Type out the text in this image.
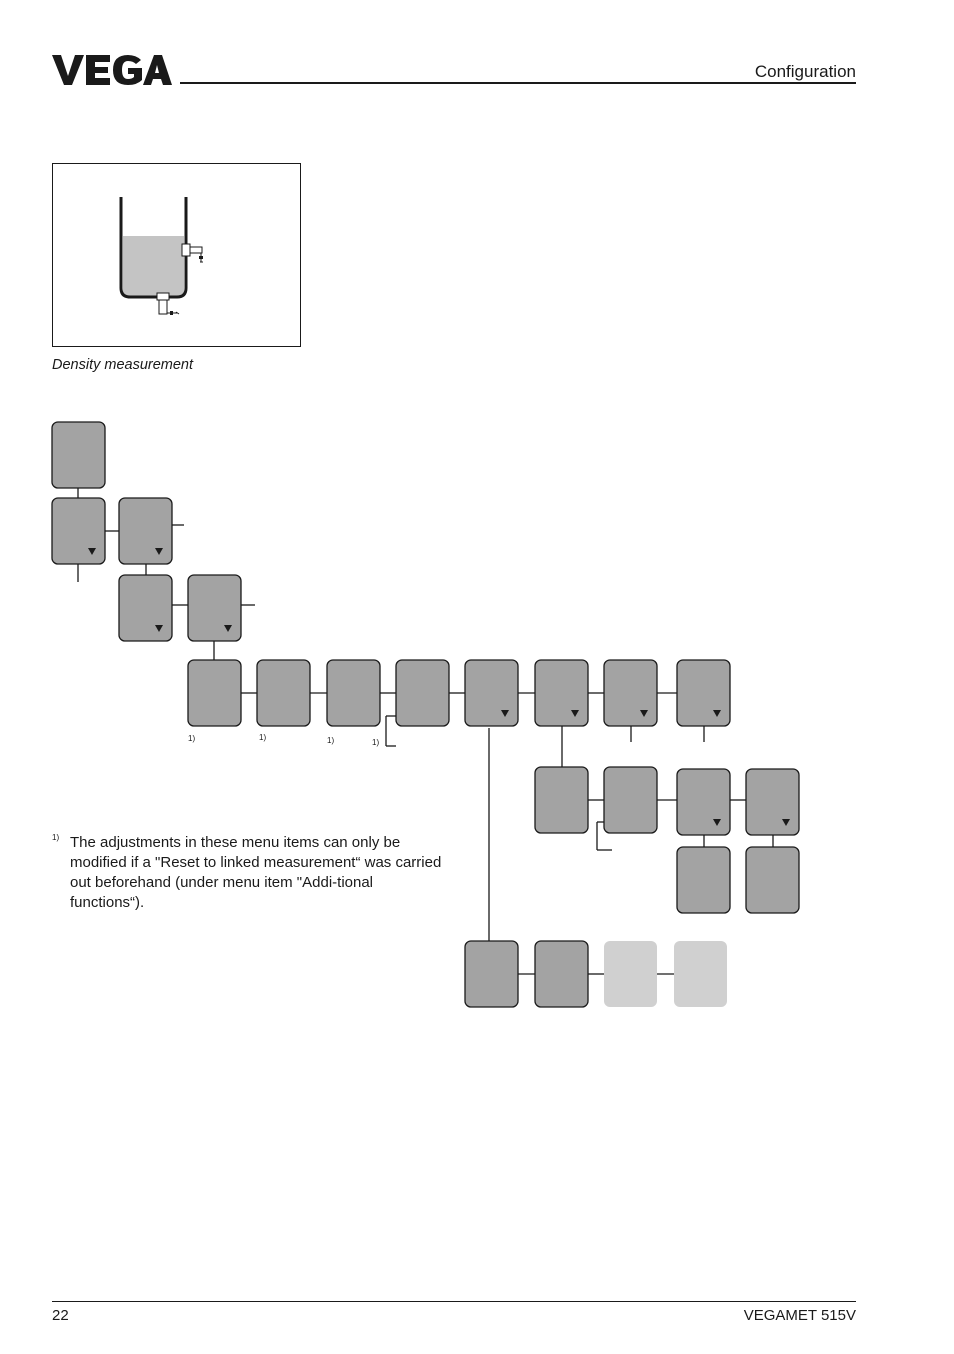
Configuration
Density measurement
1)	1)	1)	1)
1) The adjustments in these menu items can only be modified if a "Reset to linked measurement“ was carried out beforehand (under menu item "Addi-tional functions“).
22	VEGAMET 515V
